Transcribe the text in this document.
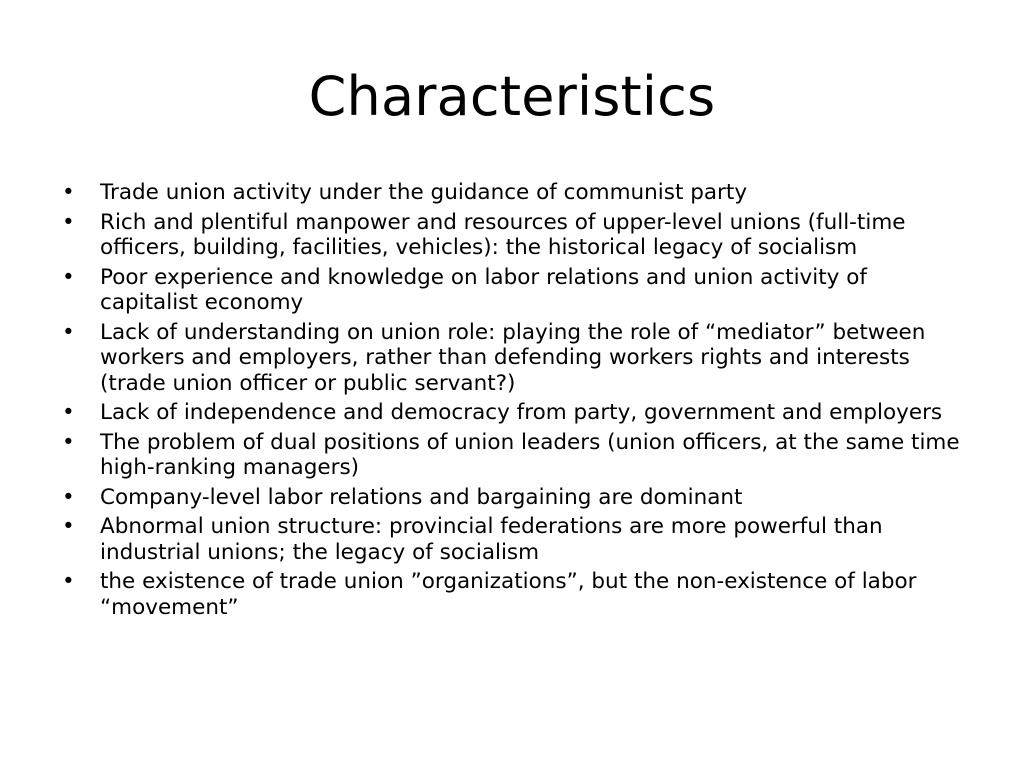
Characteristics
•	Trade union activity under the guidance of communist party
•	Rich and plentiful manpower and resources of upper-level unions (full-time officers, building, facilities, vehicles): the historical legacy of socialism
•	Poor experience and knowledge on labor relations and union activity of capitalist economy
•	Lack of understanding on union role: playing the role of “mediator” between workers and employers, rather than defending workers rights and interests (trade union officer or public servant?)
•	Lack of independence and democracy from party, government and employers
•	The problem of dual positions of union leaders (union officers, at the same time high-ranking managers)
•	Company-level labor relations and bargaining are dominant
•	Abnormal union structure: provincial federations are more powerful than industrial unions; the legacy of socialism
•	the existence of trade union ”organizations”, but the non-existence of labor “movement”
